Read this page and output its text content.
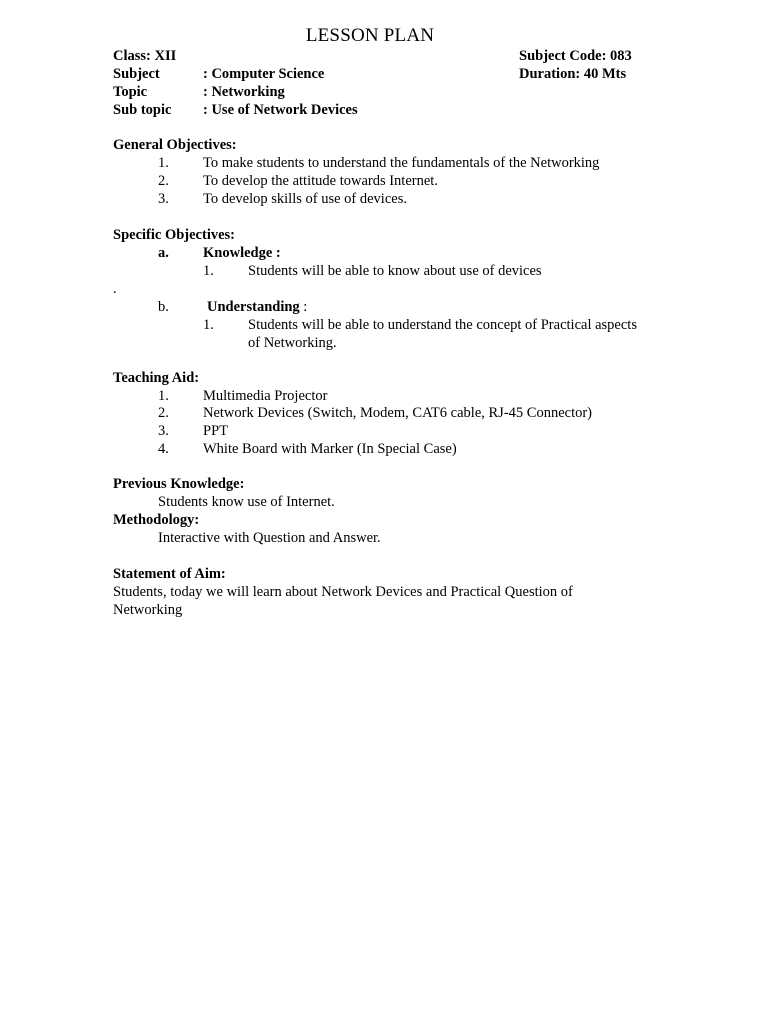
LESSON PLAN
Class: XII	Subject Code: 083
Subject	: Computer Science	Duration: 40 Mts
Topic	: Networking
Sub topic : Use of Network Devices
General Objectives:
1. To make students to understand the fundamentals of the Networking
2. To develop the attitude towards Internet.
3. To develop skills of use of devices.
Specific Objectives:
a. Knowledge :
1. Students will be able to know about use of devices
.
b.	Understanding :
1. Students will be able to understand the concept of Practical aspects
of Networking.
Teaching Aid:
1. Multimedia Projector
2. Network Devices (Switch, Modem, CAT6 cable, RJ-45 Connector)
3. PPT
4. White Board with Marker (In Special Case)
Previous Knowledge:
Students know use of Internet.
Methodology:
Interactive with Question and Answer.
Statement of Aim:
Students, today we will learn about Network Devices and Practical Question of
Networking
